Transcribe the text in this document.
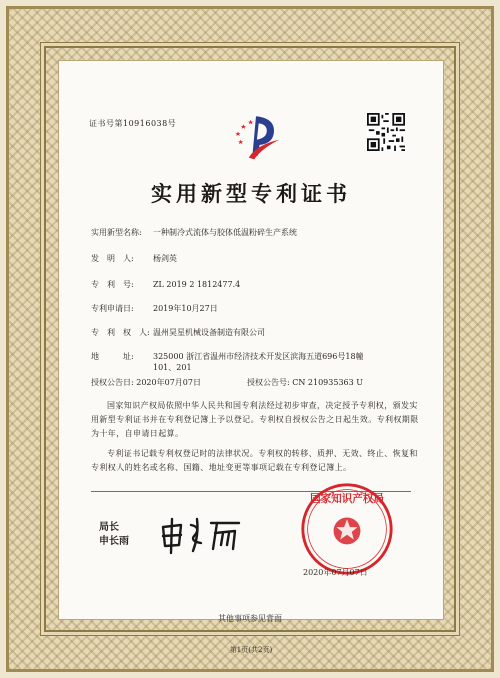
证书号第10916038号
实用新型专利证书
实用新型名称: 一种制冷式流体与胶体低温粉碎生产系统
发　明　人: 杨剑英
专　利　号: ZL 2019 2 1812477.4
专利申请日: 2019年10月27日
专　利　权　人: 温州昊星机械设备制造有限公司
地　　　址: 325000 浙江省温州市经济技术开发区滨海五道696号18幢101、201
授权公告日: 2020年07月07日	授权公告号: CN 210935363 U
国家知识产权局依照中华人民共和国专利法经过初步审查，决定授予专利权，颁发实用新型专利证书并在专利登记簿上予以登记。专利权自授权公告之日起生效。专利权期限为十年，自申请日起算。
专利证书记载专利权登记时的法律状况。专利权的转移、质押、无效、终止、恢复和专利权人的姓名或名称、国籍、地址变更等事项记载在专利登记簿上。
局长
申长雨
国家知识产权局
2020年07月07日
第1页(共2页)
其他事项参见背面
